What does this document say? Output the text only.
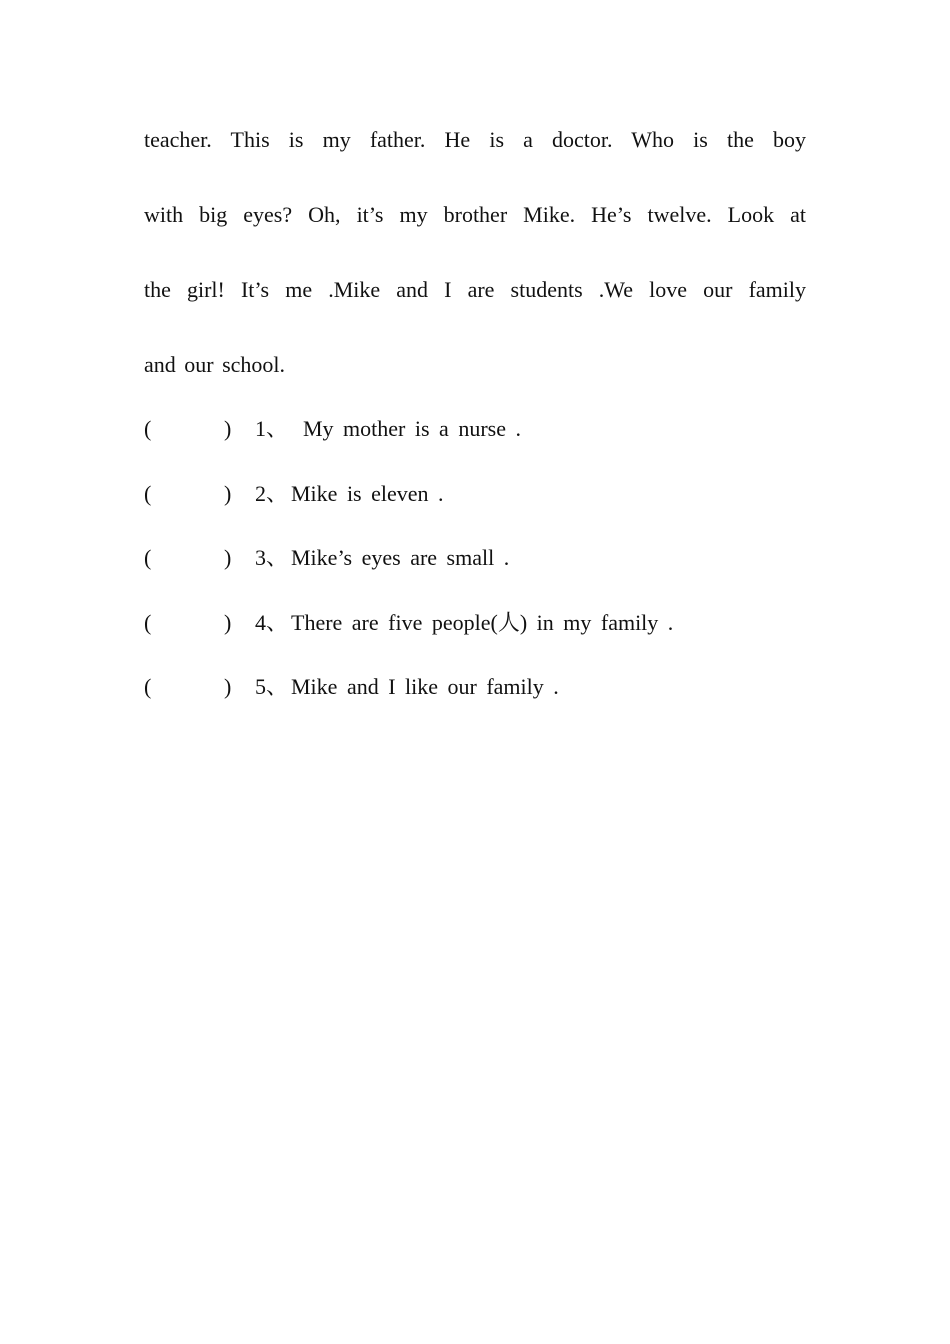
teacher. This is my father. He is a doctor. Who is the boy
with big eyes? Oh, it’s my brother Mike. He’s twelve. Look at
the girl! It’s me .Mike and I are students .We love our family
and our school.
(	) 1、 My mother is a nurse .
(	) 2、 Mike is eleven .
(	) 3、 Mike’s eyes are small .
(	) 4、 There are five people(人) in my family .
(	) 5、 Mike and I like our family .
